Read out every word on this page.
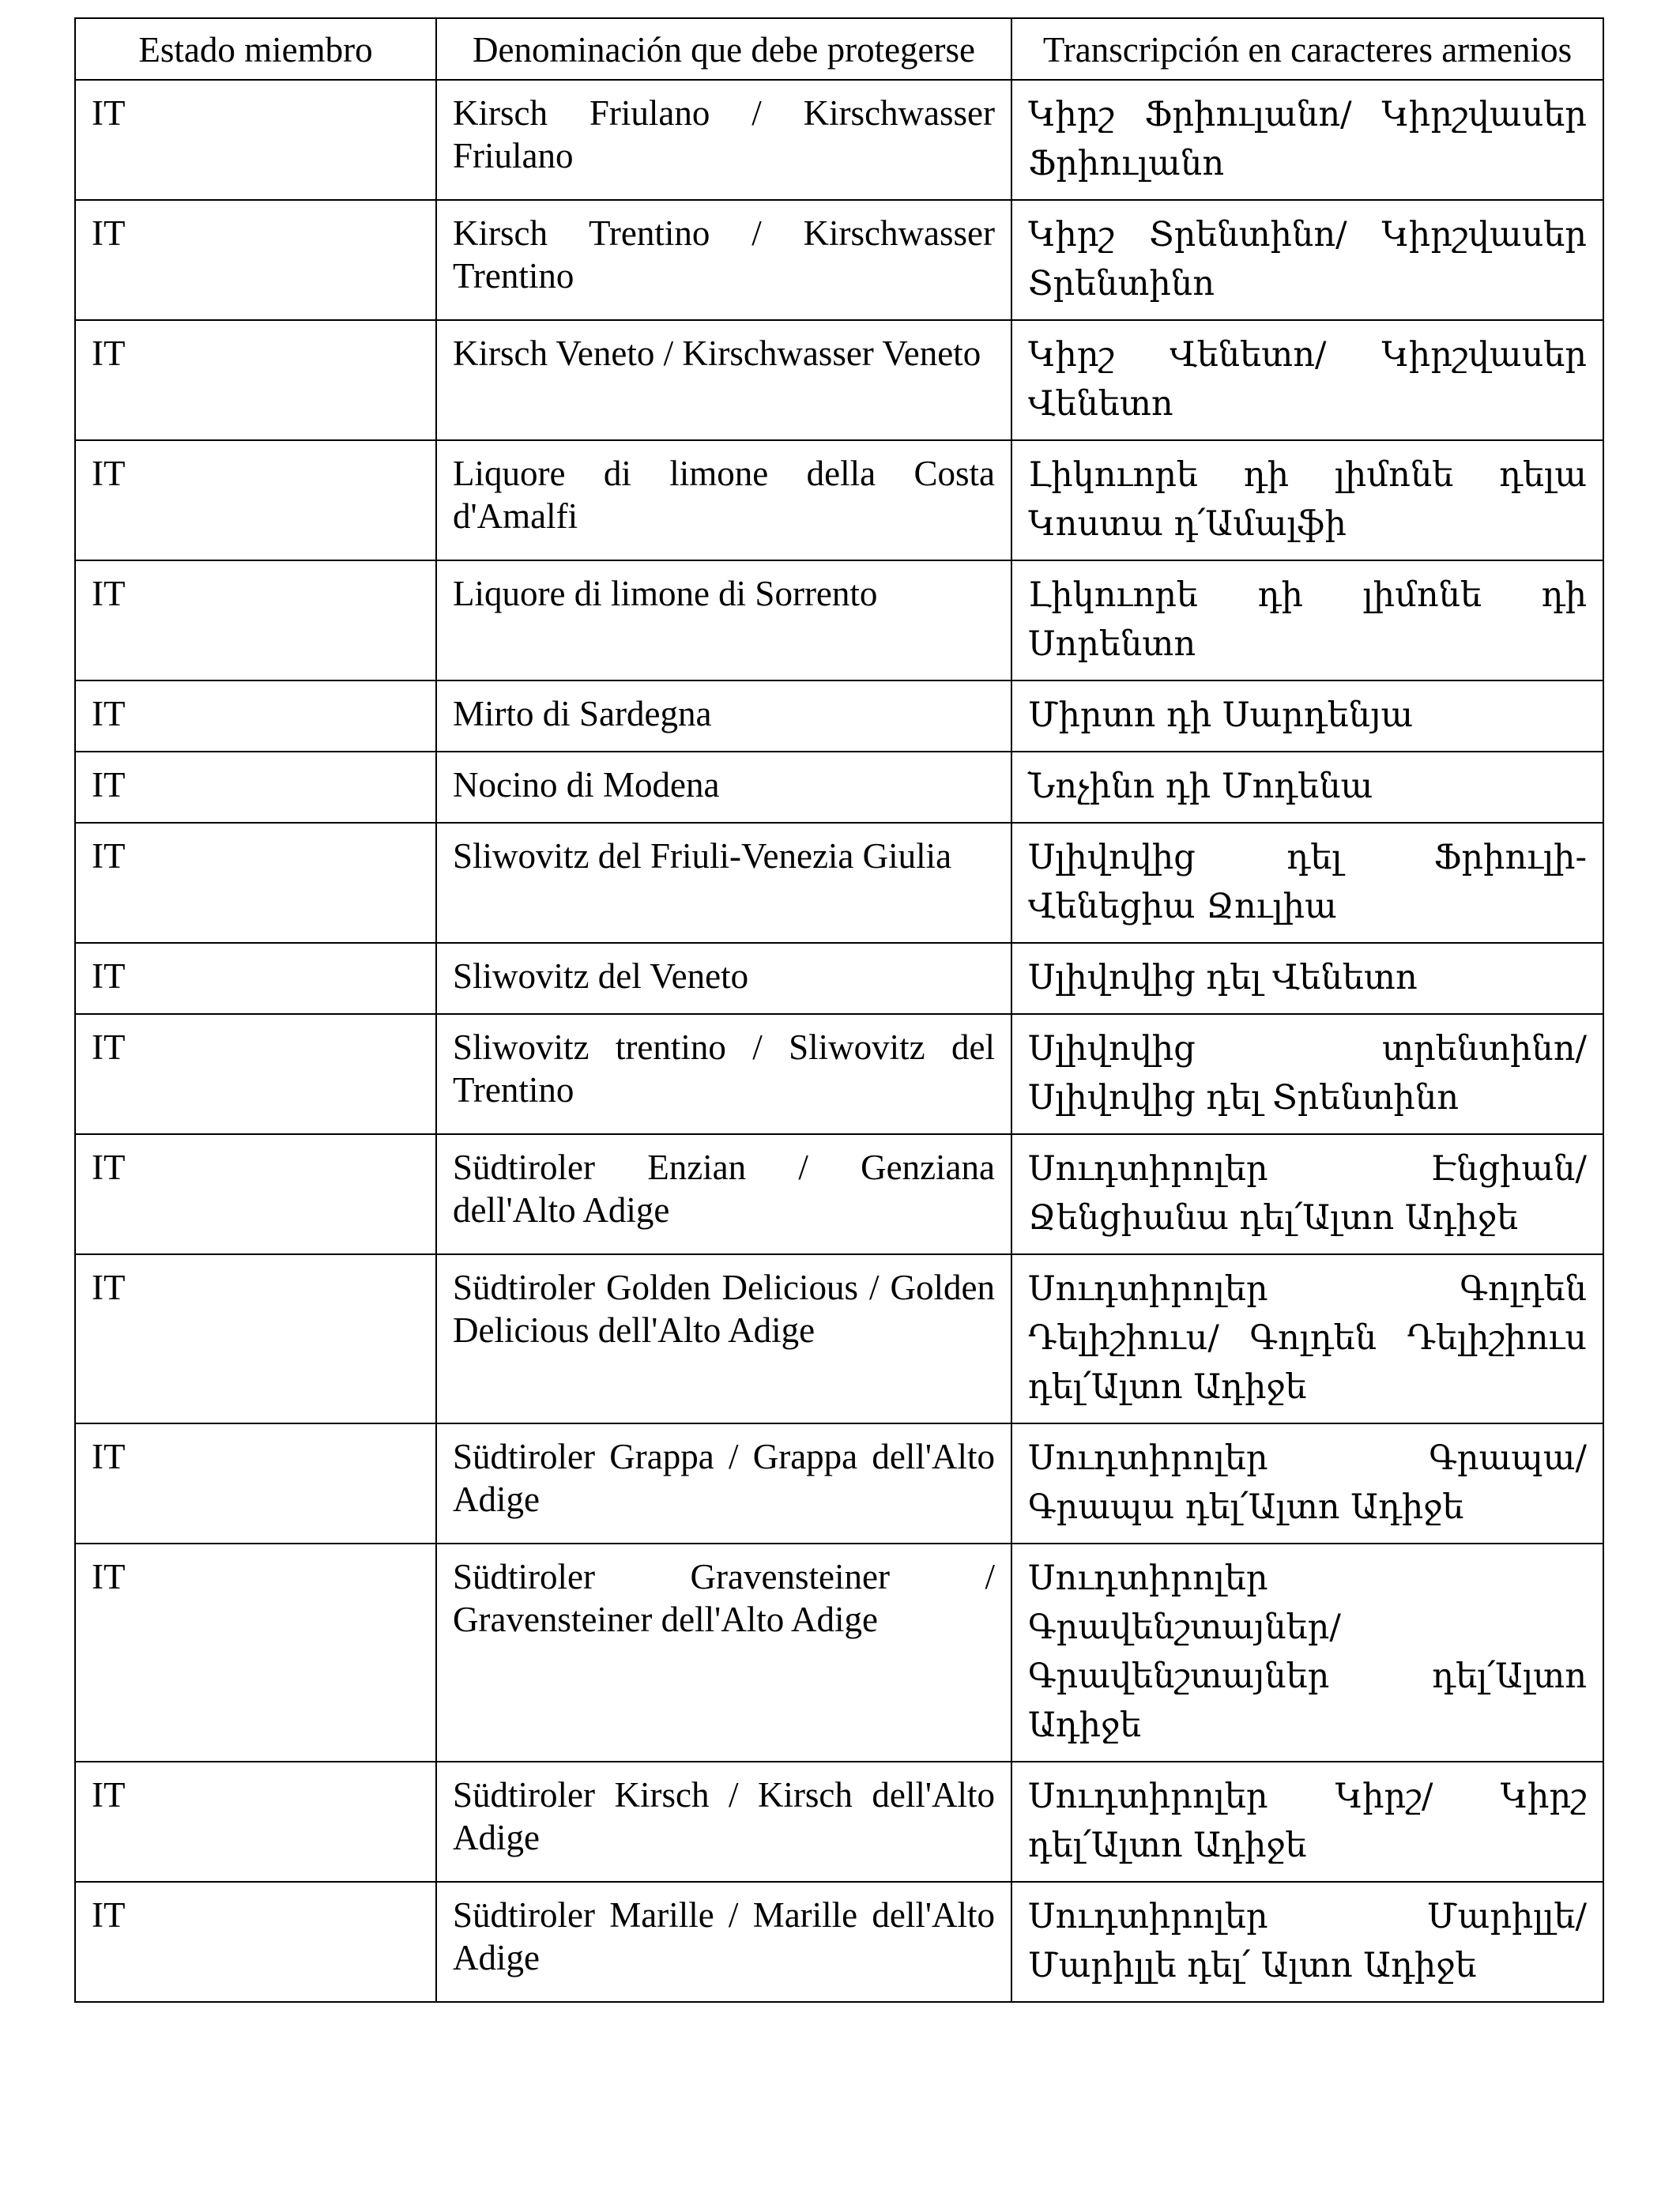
Estado miembro	Denominación que debe protegerse	Transcripción en caracteres armenios
IT	Kirsch Friulano / Kirschwasser Friulano	Կիրշ Ֆրիուլանո/ Կիրշվասեր Ֆրիուլանո
IT	Kirsch Trentino / Kirschwasser Trentino	Կիրշ Տրենտինո/ Կիրշվասեր Տրենտինո
IT	Kirsch Veneto / Kirschwasser Veneto	Կիրշ Վենետո/ Կիրշվասեր Վենետո
IT	Liquore di limone della Costa d'Amalfi	Լիկուորե դի լիմոնե դելա Կոստա դ՛Ամալֆի
IT	Liquore di limone di Sorrento	Լիկուորե դի լիմոնե դի Սորենտո
IT	Mirto di Sardegna	Միրտո դի Սարդենյա
IT	Nocino di Modena	Նոչինո դի Մոդենա
IT	Sliwovitz del Friuli-Venezia Giulia	Սլիվովից դել Ֆրիուլի-Վենեցիա Ջուլիա
IT	Sliwovitz del Veneto	Սլիվովից դել Վենետո
IT	Sliwovitz trentino / Sliwovitz del Trentino	Սլիվովից տրենտինո/ Սլիվովից դել Տրենտինո
IT	Südtiroler Enzian / Genziana dell'Alto Adige	Սուդտիրոլեր Էնցիան/ Ջենցիանա դել՛Ալտո Ադիջե
IT	Südtiroler Golden Delicious / Golden Delicious dell'Alto Adige	Սուդտիրոլեր Գոլդեն Դելիշիուս/ Գոլդեն Դելիշիուս դել՛Ալտո Ադիջե
IT	Südtiroler Grappa / Grappa dell'Alto Adige	Սուդտիրոլեր Գրապա/ Գրապա դել՛Ալտո Ադիջե
IT	Südtiroler Gravensteiner / Gravensteiner dell'Alto Adige	Սուդտիրոլեր Գրավենշտայներ/ Գրավենշտայներ դել՛Ալտո Ադիջե
IT	Südtiroler Kirsch / Kirsch dell'Alto Adige	Սուդտիրոլեր Կիրշ/ Կիրշ դել՛Ալտո Ադիջե
IT	Südtiroler Marille / Marille dell'Alto Adige	Սուդտիրոլեր Մարիլլե/ Մարիլլե դել՛ Ալտո Ադիջե
